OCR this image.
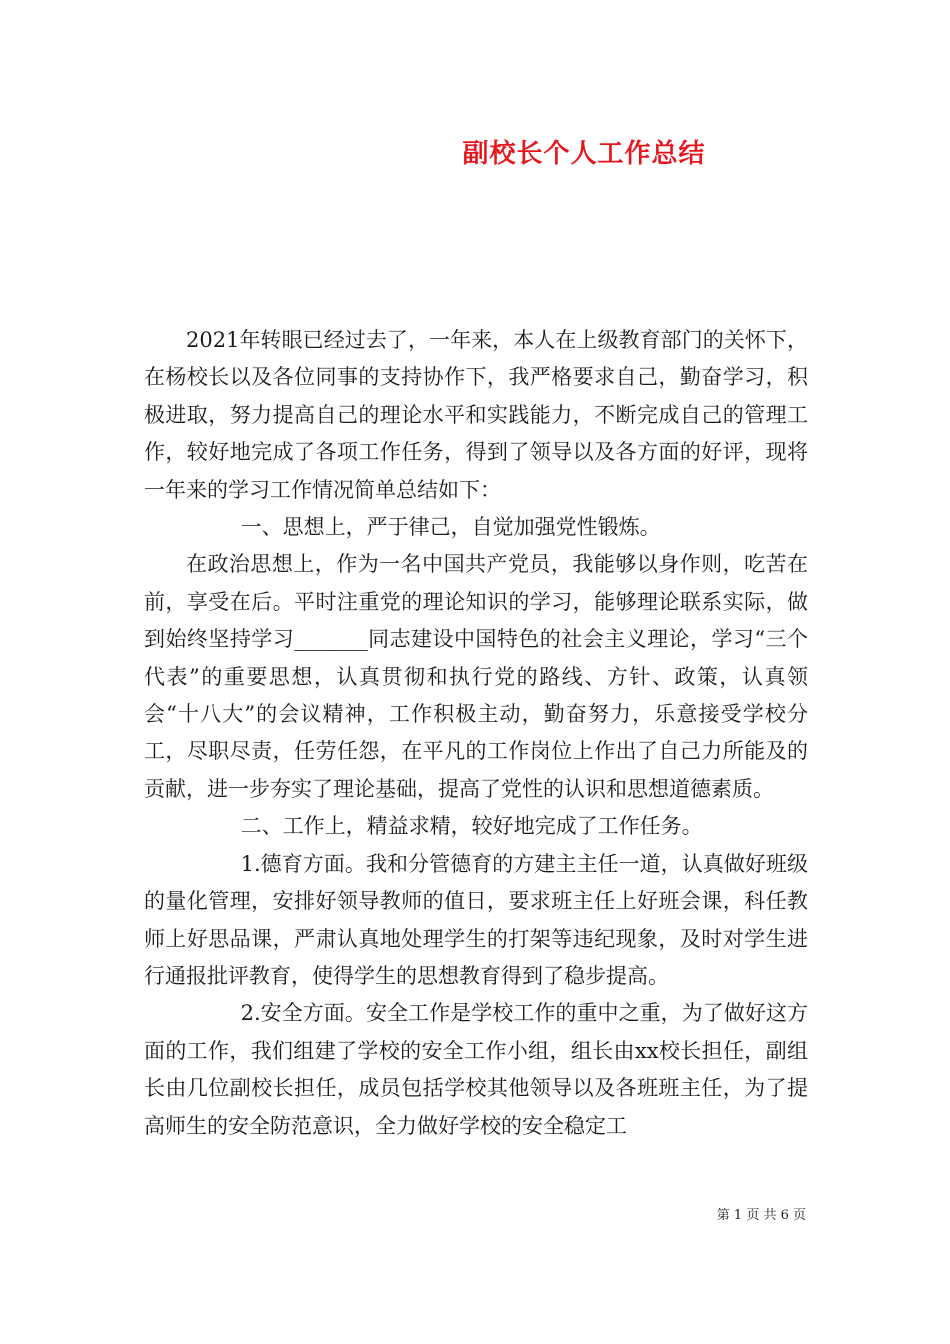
副校长个人工作总结

2021年转眼已经过去了，一年来，本人在上级教育部门的关怀下，在杨校长以及各位同事的支持协作下，我严格要求自己，勤奋学习，积极进取，努力提高自己的理论水平和实践能力，不断完成自己的管理工作，较好地完成了各项工作任务，得到了领导以及各方面的好评，现将一年来的学习工作情况简单总结如下：

一、思想上，严于律己，自觉加强党性锻炼。

在政治思想上，作为一名中国共产党员，我能够以身作则，吃苦在前，享受在后。平时注重党的理论知识的学习，能够理论联系实际，做到始终坚持学习_______同志建设中国特色的社会主义理论，学习“三个代表”的重要思想，认真贯彻和执行党的路线、方针、政策，认真领会“十八大”的会议精神，工作积极主动，勤奋努力，乐意接受学校分工，尽职尽责，任劳任怨，在平凡的工作岗位上作出了自己力所能及的贡献，进一步夯实了理论基础，提高了党性的认识和思想道德素质。

二、工作上，精益求精，较好地完成了工作任务。

1.德育方面。我和分管德育的方建主主任一道，认真做好班级的量化管理，安排好领导教师的值日，要求班主任上好班会课，科任教师上好思品课，严肃认真地处理学生的打架等违纪现象，及时对学生进行通报批评教育，使得学生的思想教育得到了稳步提高。

2.安全方面。安全工作是学校工作的重中之重，为了做好这方面的工作，我们组建了学校的安全工作小组，组长由xx校长担任，副组长由几位副校长担任，成员包括学校其他领导以及各班班主任，为了提高师生的安全防范意识，全力做好学校的安全稳定工

第 1 页 共 6 页
